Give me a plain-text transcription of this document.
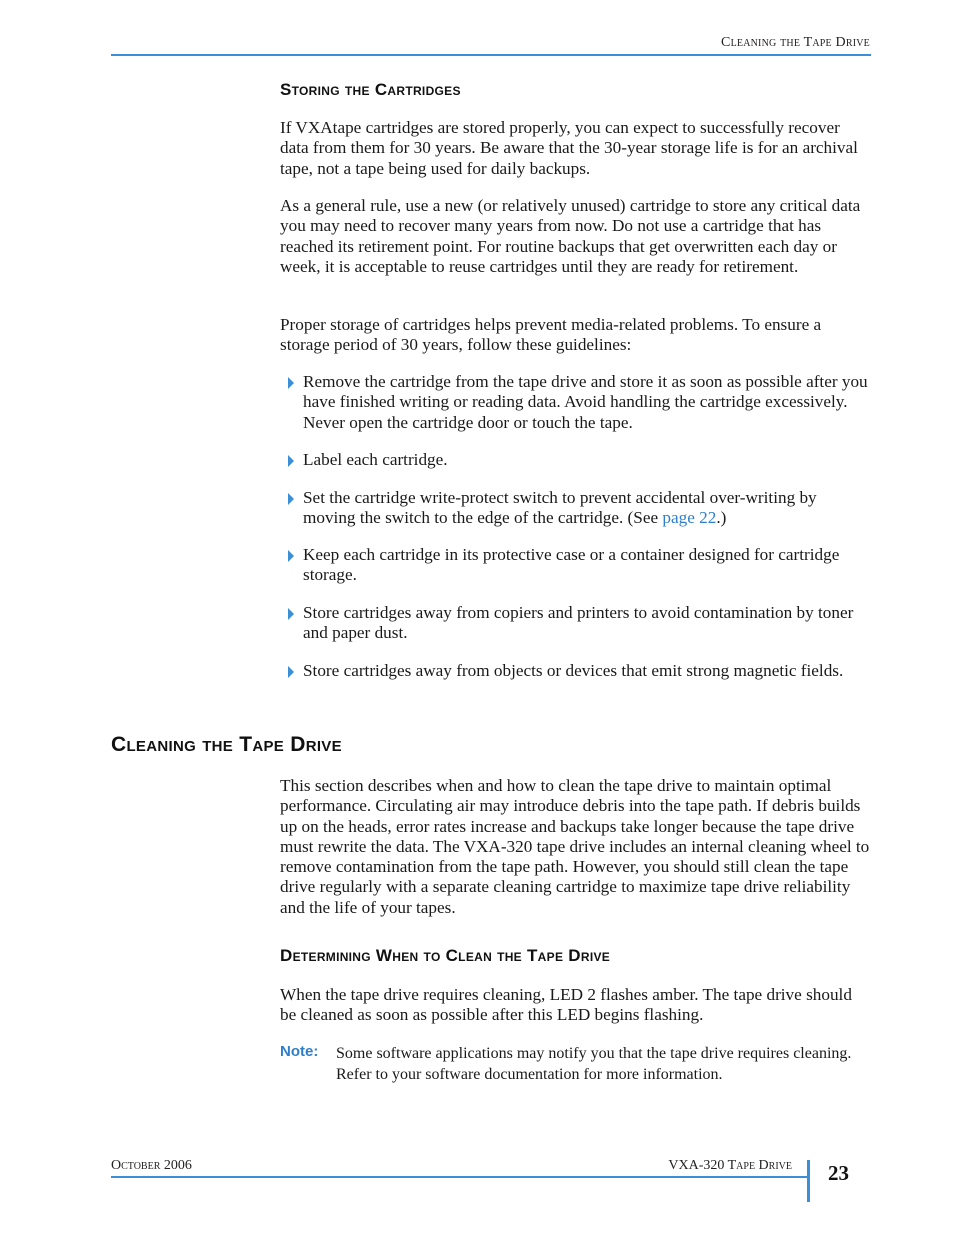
Cleaning the Tape Drive
Storing the Cartridges

If VXAtape cartridges are stored properly, you can expect to successfully recover data from them for 30 years. Be aware that the 30-year storage life is for an archival tape, not a tape being used for daily backups.

As a general rule, use a new (or relatively unused) cartridge to store any critical data you may need to recover many years from now. Do not use a cartridge that has reached its retirement point. For routine backups that get overwritten each day or week, it is acceptable to reuse cartridges until they are ready for retirement.

Proper storage of cartridges helps prevent media-related problems. To ensure a storage period of 30 years, follow these guidelines:

Remove the cartridge from the tape drive and store it as soon as possible after you have finished writing or reading data. Avoid handling the cartridge excessively. Never open the cartridge door or touch the tape.
Label each cartridge.
Set the cartridge write-protect switch to prevent accidental over-writing by moving the switch to the edge of the cartridge. (See page 22.)
Keep each cartridge in its protective case or a container designed for cartridge storage.
Store cartridges away from copiers and printers to avoid contamination by toner and paper dust.
Store cartridges away from objects or devices that emit strong magnetic fields.
Cleaning the Tape Drive

This section describes when and how to clean the tape drive to maintain optimal performance. Circulating air may introduce debris into the tape path. If debris builds up on the heads, error rates increase and backups take longer because the tape drive must rewrite the data. The VXA-320 tape drive includes an internal cleaning wheel to remove contamination from the tape path. However, you should still clean the tape drive regularly with a separate cleaning cartridge to maximize tape drive reliability and the life of your tapes.

Determining When to Clean the Tape Drive

When the tape drive requires cleaning, LED 2 flashes amber. The tape drive should be cleaned as soon as possible after this LED begins flashing.

Note: Some software applications may notify you that the tape drive requires cleaning. Refer to your software documentation for more information.
October 2006	VXA-320 Tape Drive 23
